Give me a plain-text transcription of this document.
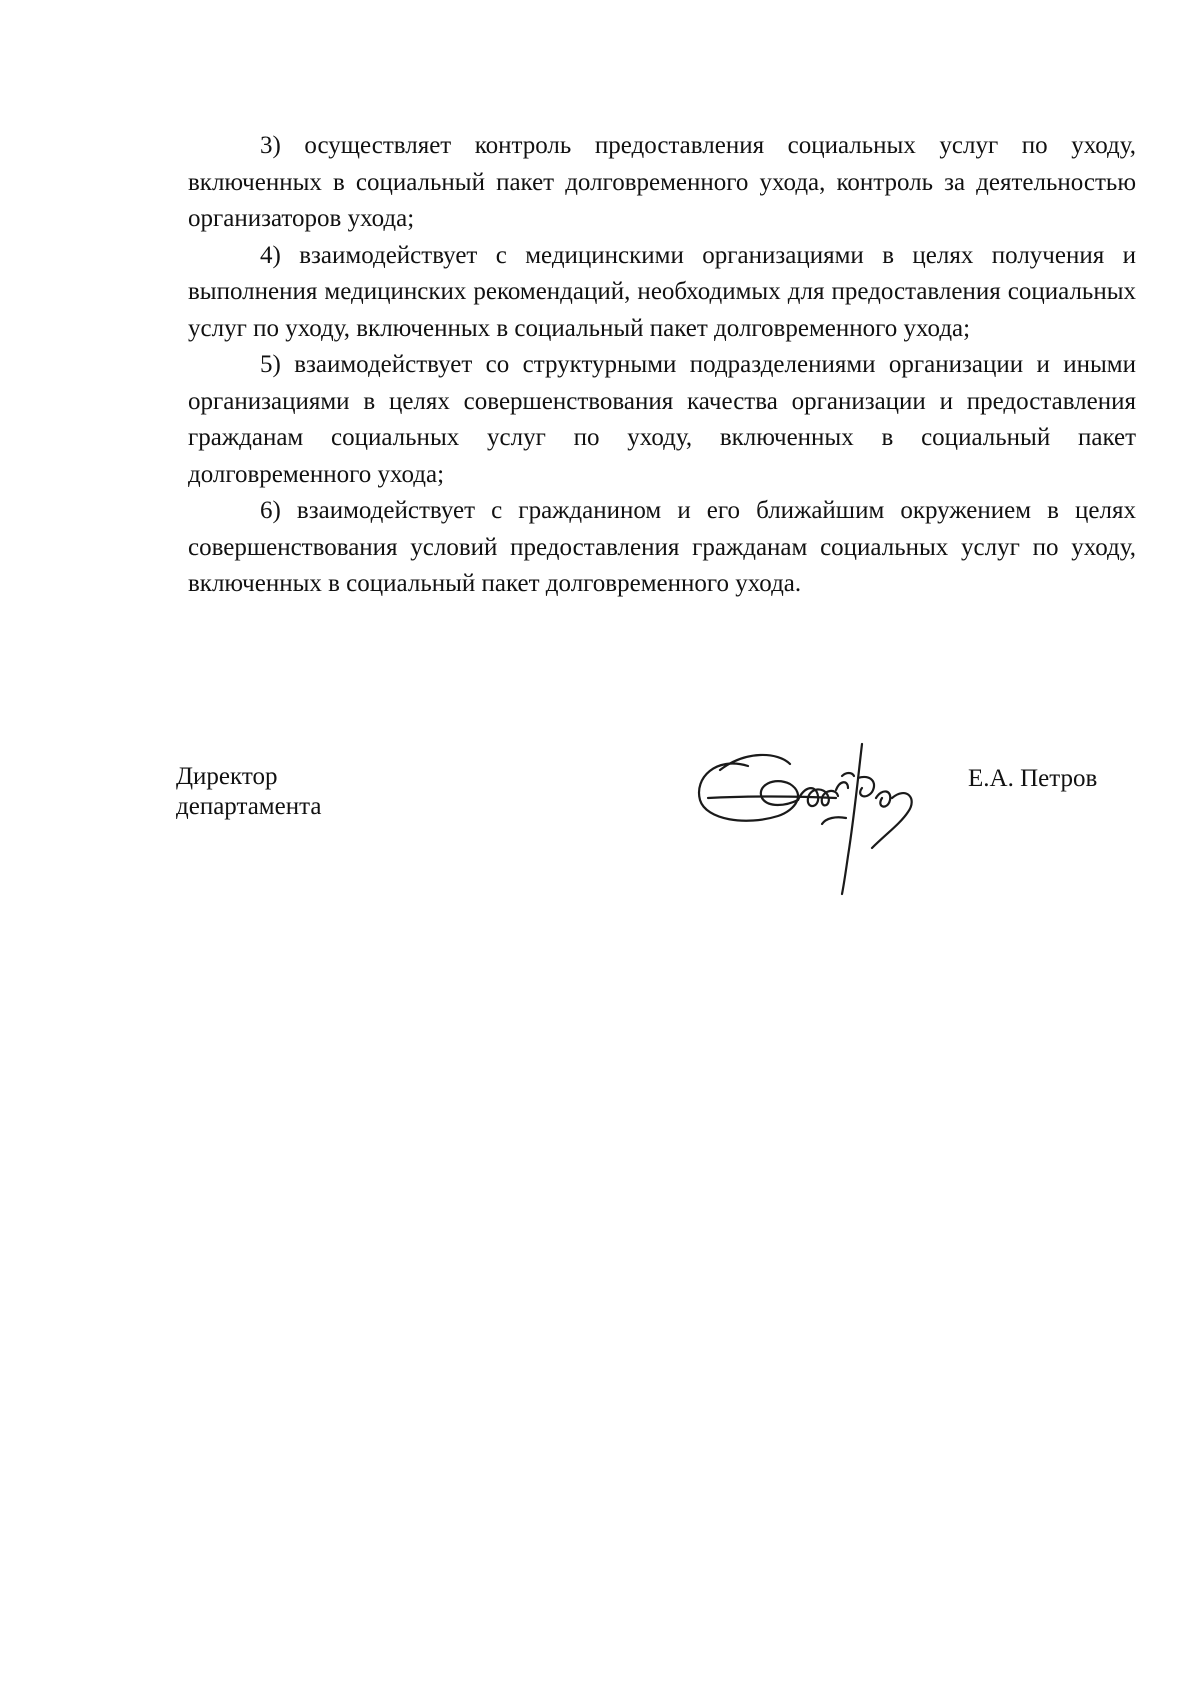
3) осуществляет контроль предоставления социальных услуг по уходу, включенных в социальный пакет долговременного ухода, контроль за деятельностью организаторов ухода;

4) взаимодействует с медицинскими организациями в целях получения и выполнения медицинских рекомендаций, необходимых для предоставления социальных услуг по уходу, включенных в социальный пакет долговременного ухода;

5) взаимодействует со структурными подразделениями организации и иными организациями в целях совершенствования качества организации и предоставления гражданам социальных услуг по уходу, включенных в социальный пакет долговременного ухода;

6) взаимодействует с гражданином и его ближайшим окружением в целях совершенствования условий предоставления гражданам социальных услуг по уходу, включенных в социальный пакет долговременного ухода.

Директор
департамента
Е.А. Петров
